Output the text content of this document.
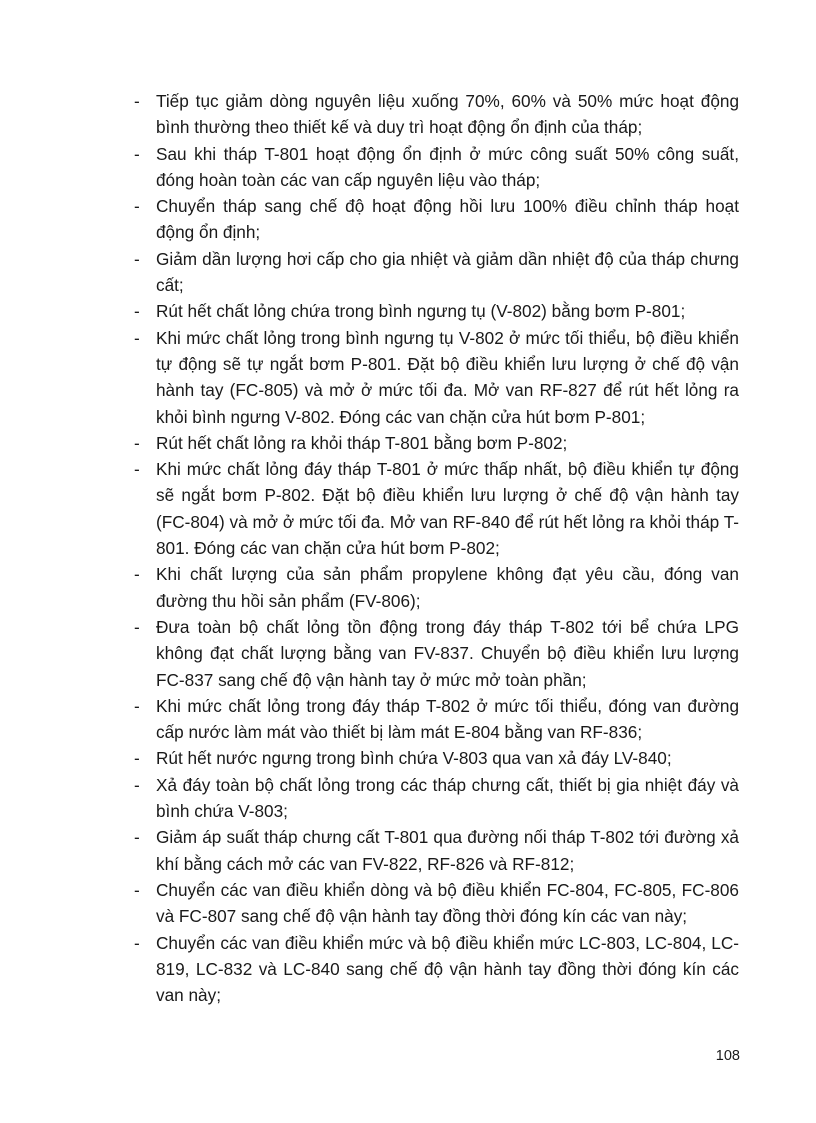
- Tiếp tục giảm dòng nguyên liệu xuống 70%, 60% và 50% mức hoạt động bình thường theo thiết kế và duy trì hoạt động ổn định của tháp;
- Sau khi tháp T-801 hoạt động ổn định ở mức công suất 50% công suất, đóng hoàn toàn các van cấp nguyên liệu vào tháp;
- Chuyển tháp sang chế độ hoạt động hồi lưu 100% điều chỉnh tháp hoạt động ổn định;
- Giảm dần lượng hơi cấp cho gia nhiệt và giảm dần nhiệt độ của tháp chưng cất;
- Rút hết chất lỏng chứa trong bình ngưng tụ (V-802) bằng bơm P-801;
- Khi mức chất lỏng trong bình ngưng tụ V-802 ở mức tối thiểu, bộ điều khiển tự động sẽ tự ngắt bơm P-801. Đặt bộ điều khiển lưu lượng ở chế độ vận hành tay (FC-805) và mở ở mức tối đa. Mở van RF-827 để rút hết lỏng ra khỏi bình ngưng V-802. Đóng các van chặn cửa hút bơm P-801;
- Rút hết chất lỏng ra khỏi tháp T-801 bằng bơm P-802;
- Khi mức chất lỏng đáy tháp T-801 ở mức thấp nhất, bộ điều khiển tự động sẽ ngắt bơm P-802. Đặt bộ điều khiển lưu lượng ở chế độ vận hành tay (FC-804) và mở ở mức tối đa. Mở van RF-840 để rút hết lỏng ra khỏi tháp T-801. Đóng các van chặn cửa hút bơm P-802;
- Khi chất lượng của sản phẩm propylene không đạt yêu cầu, đóng van đường thu hồi sản phẩm (FV-806);
- Đưa toàn bộ chất lỏng tồn động trong đáy tháp T-802 tới bể chứa LPG không đạt chất lượng bằng van FV-837. Chuyển bộ điều khiển lưu lượng FC-837 sang chế độ vận hành tay ở mức mở toàn phần;
- Khi mức chất lỏng trong đáy tháp T-802 ở mức tối thiểu, đóng van đường cấp nước làm mát vào thiết bị làm mát E-804 bằng van RF-836;
- Rút hết nước ngưng trong bình chứa V-803 qua van xả đáy LV-840;
- Xả đáy toàn bộ chất lỏng trong các tháp chưng cất, thiết bị gia nhiệt đáy và bình chứa V-803;
- Giảm áp suất tháp chưng cất T-801 qua đường nối tháp T-802 tới đường xả khí bằng cách mở các van FV-822, RF-826 và RF-812;
- Chuyển các van điều khiển dòng và bộ điều khiển FC-804, FC-805, FC-806 và FC-807 sang chế độ vận hành tay đồng thời đóng kín các van này;
- Chuyển các van điều khiển mức và bộ điều khiển mức LC-803, LC-804, LC-819, LC-832 và LC-840 sang chế độ vận hành tay đồng thời đóng kín các van này;
108
